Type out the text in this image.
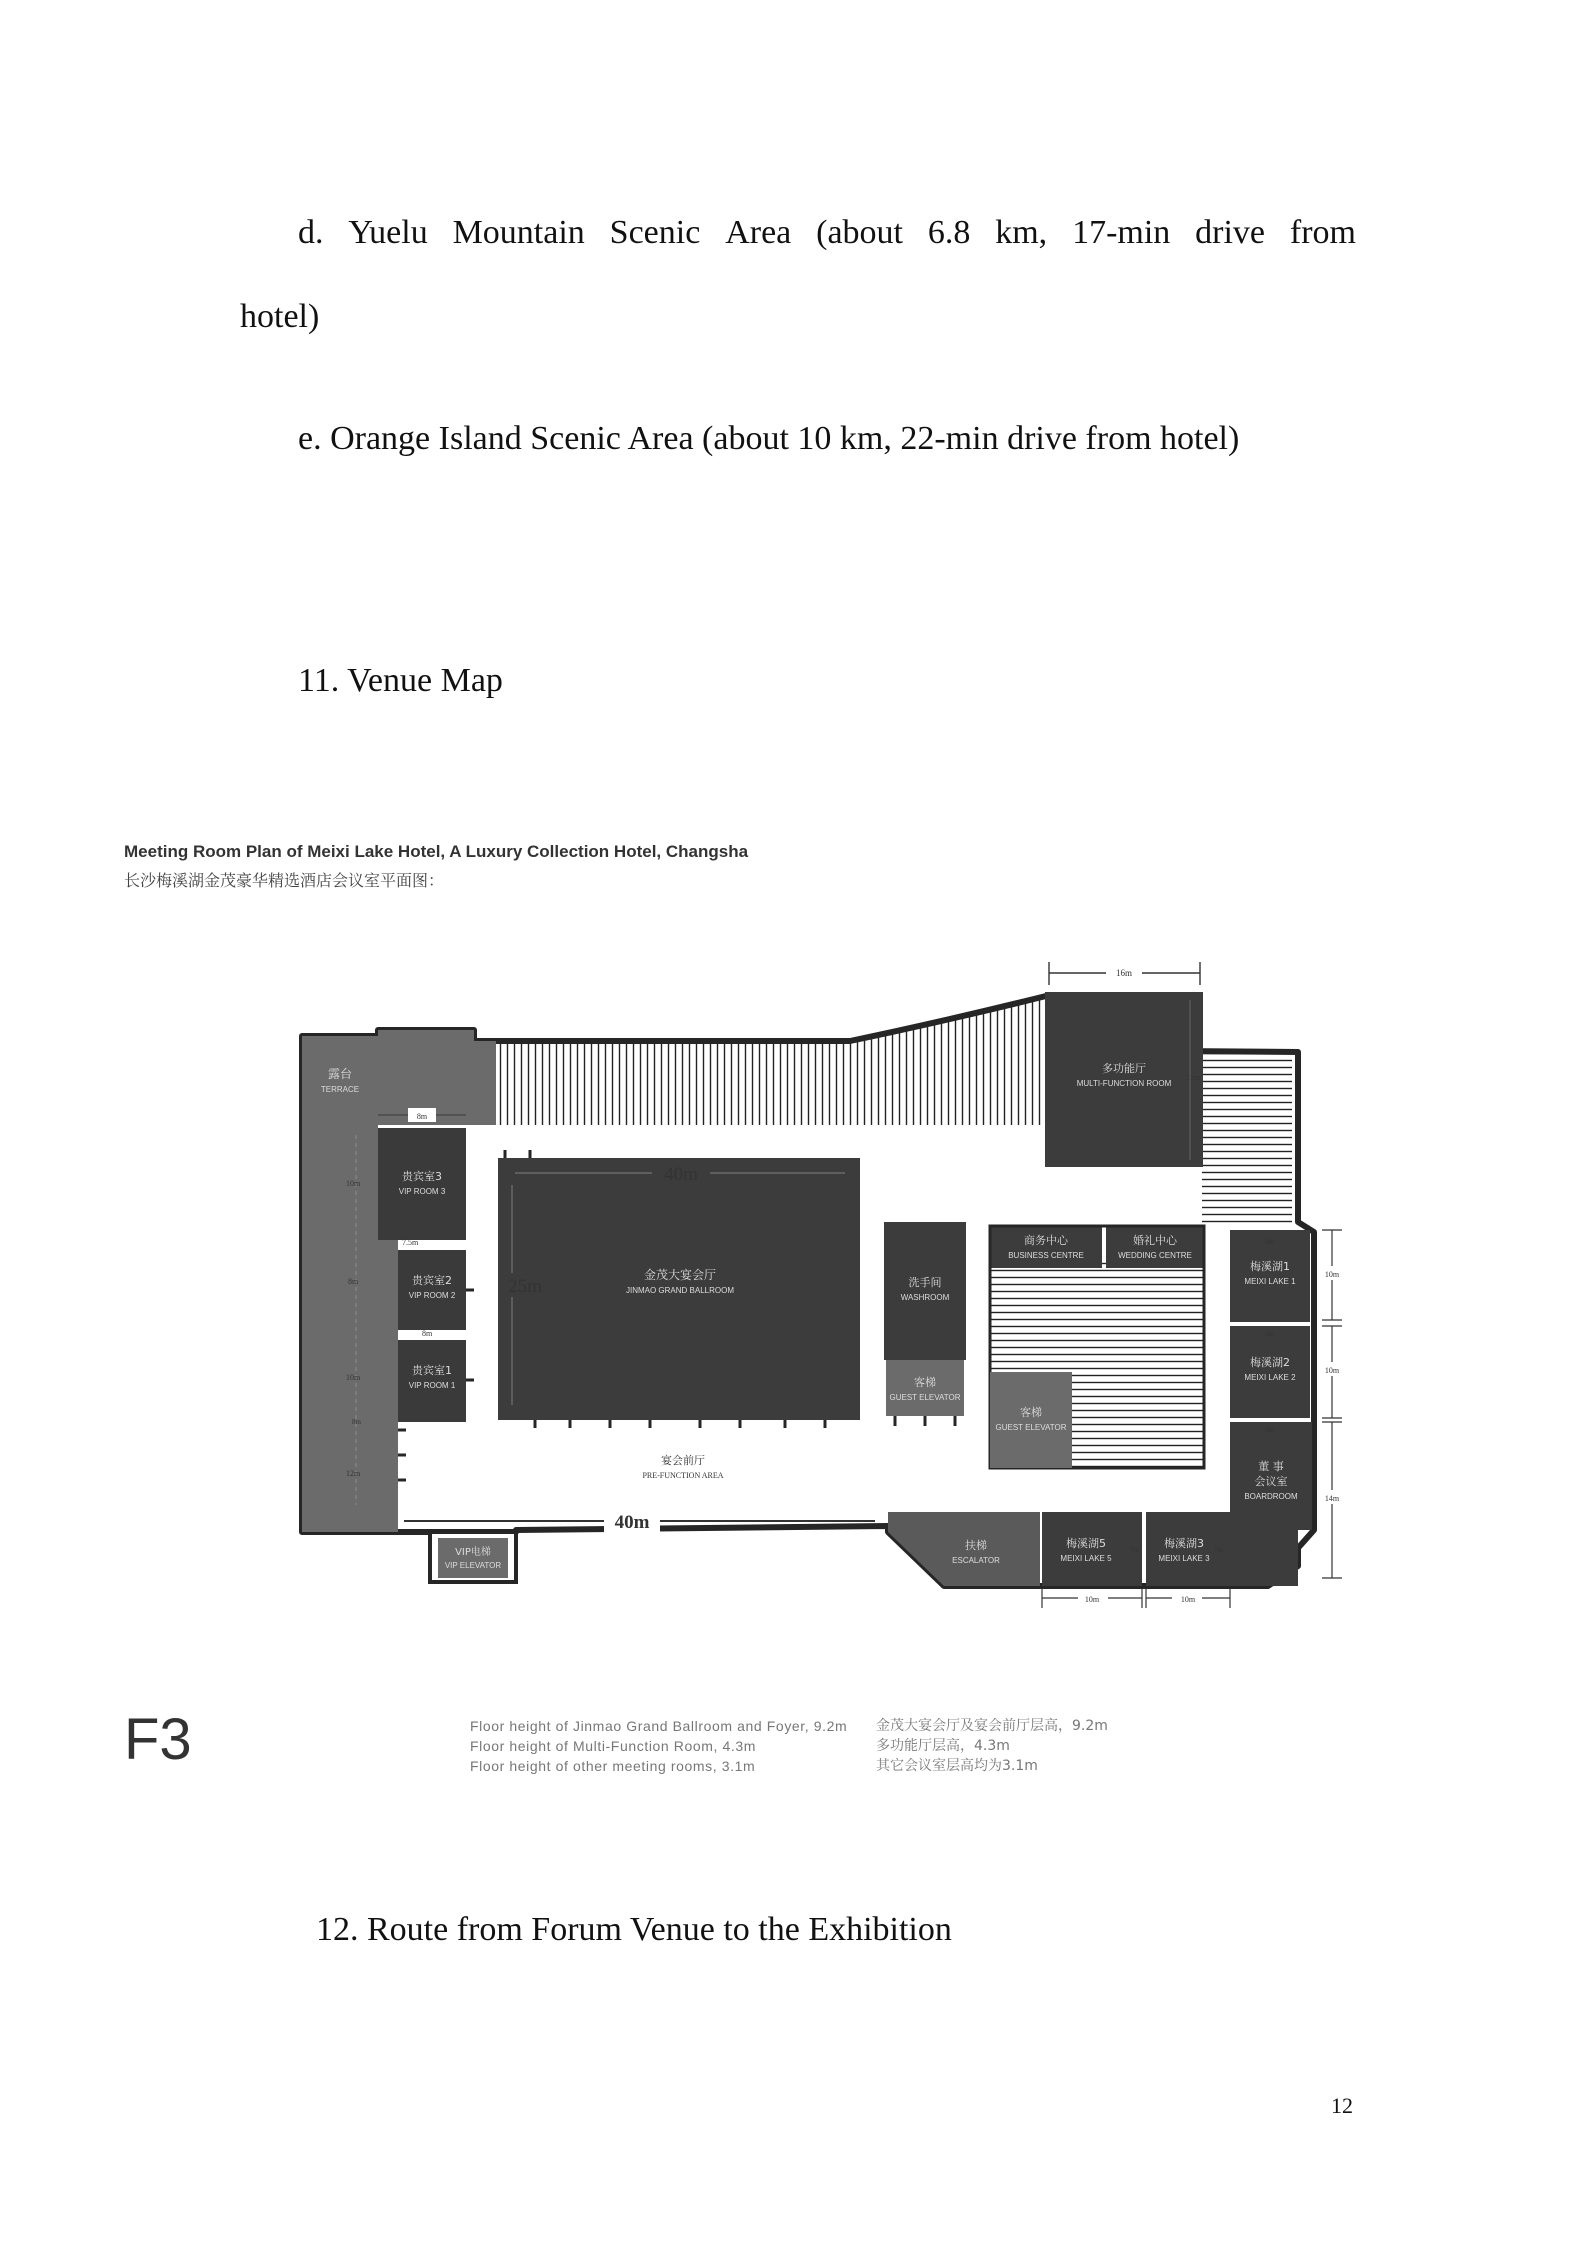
d. Yuelu Mountain Scenic Area (about 6.8 km, 17-min drive from
hotel)
e. Orange Island Scenic Area (about 10 km, 22-min drive from hotel)
11. Venue Map
Meeting Room Plan of Meixi Lake Hotel, A Luxury Collection Hotel, Changsha
长沙梅溪湖金茂豪华精选酒店会议室平面图：
露台
TERRACE
贵宾室3
VIP ROOM 3
贵宾室2
VIP ROOM 2
贵宾室1
VIP ROOM 1
8m
7.5m
8m
10m
8m
10m
12m
8m
40m
25m
金茂大宴会厅
JINMAO GRAND BALLROOM
洗手间
WASHROOM
客梯
GUEST ELEVATOR
商务中心
BUSINESS CENTRE
婚礼中心
WEDDING CENTRE
客梯
GUEST ELEVATOR
多功能厅
MULTI-FUNCTION ROOM
11m
16m
梅溪湖1
MEIXI LAKE 1
9m
梅溪湖2
MEIXI LAKE 2
9m
董 事
会议室
BOARDROOM
9m
10m
10m
14m
扶梯
ESCALATOR
梅溪湖5
MEIXI LAKE 5
7m 梅溪湖3
MEIXI LAKE 3
7m
10m	10m
宴会前厅
PRE-FUNCTION AREA
40m
VIP电梯
VIP ELEVATOR
F3	Floor height of Jinmao Grand Ballroom and Foyer, 9.2m
Floor height of Multi-Function Room, 4.3m
Floor height of other meeting rooms, 3.1m
金茂大宴会厅及宴会前厅层高，9.2m
多功能厅层高，4.3m
其它会议室层高均为3.1m
12. Route from Forum Venue to the Exhibition
12
